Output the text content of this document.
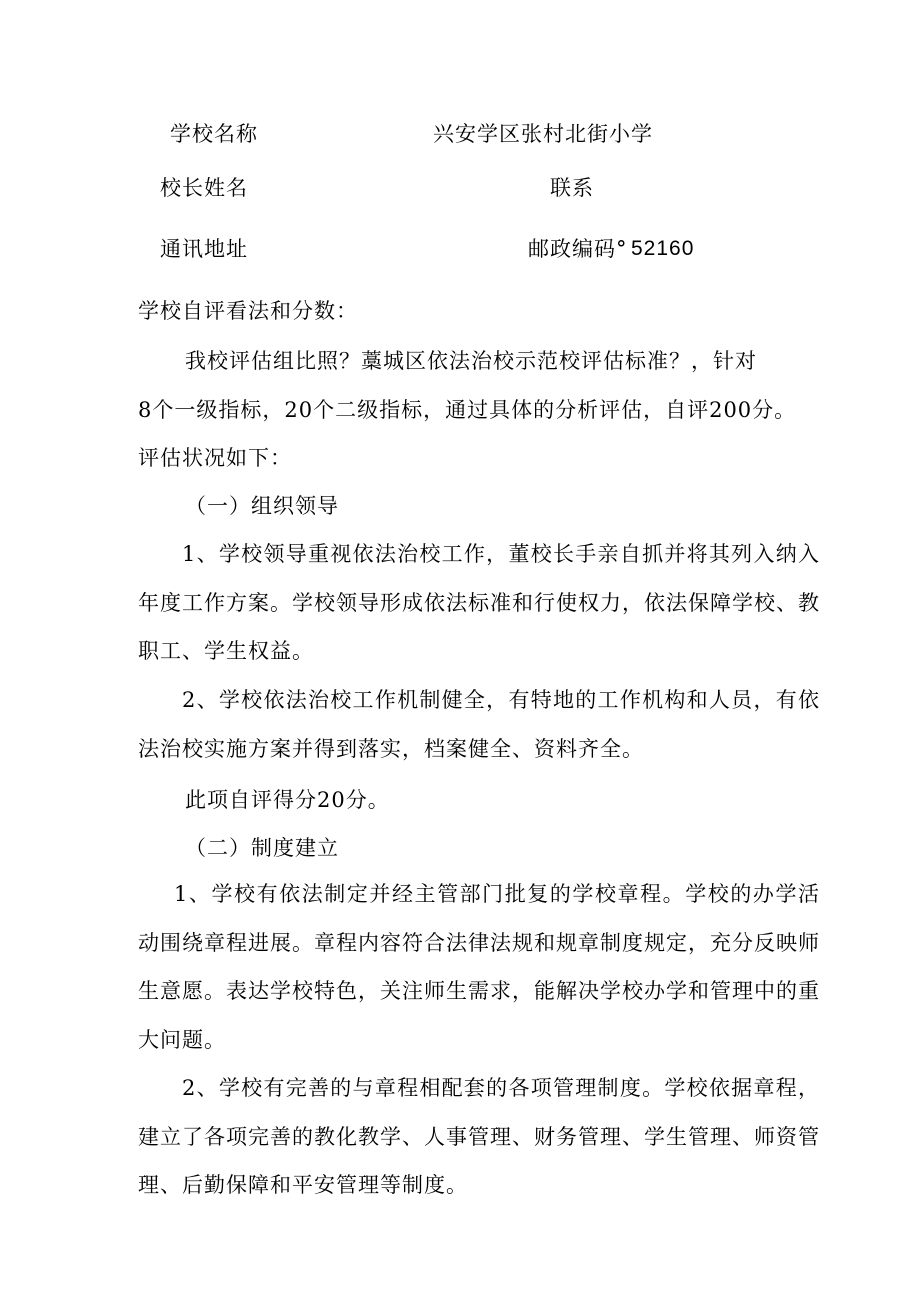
学校名称	兴安学区张村北街小学
校长姓名	联系
通讯地址	邮政编码° 52160
学校自评看法和分数：
我校评估组比照？藁城区依法治校示范校评估标准？，针对
8个一级指标，20个二级指标，通过具体的分析评估，自评200分。
评估状况如下：
（一）组织领导
1、学校领导重视依法治校工作，董校长手亲自抓并将其列入纳入年度工作方案。学校领导形成依法标准和行使权力，依法保障学校、教职工、学生权益。
2、学校依法治校工作机制健全，有特地的工作机构和人员，有依法治校实施方案并得到落实，档案健全、资料齐全。
此项自评得分20分。
（二）制度建立
1、学校有依法制定并经主管部门批复的学校章程。学校的办学活动围绕章程进展。章程内容符合法律法规和规章制度规定，充分反映师生意愿。表达学校特色，关注师生需求，能解决学校办学和管理中的重大问题。
2、学校有完善的与章程相配套的各项管理制度。学校依据章程，建立了各项完善的教化教学、人事管理、财务管理、学生管理、师资管理、后勤保障和平安管理等制度。
